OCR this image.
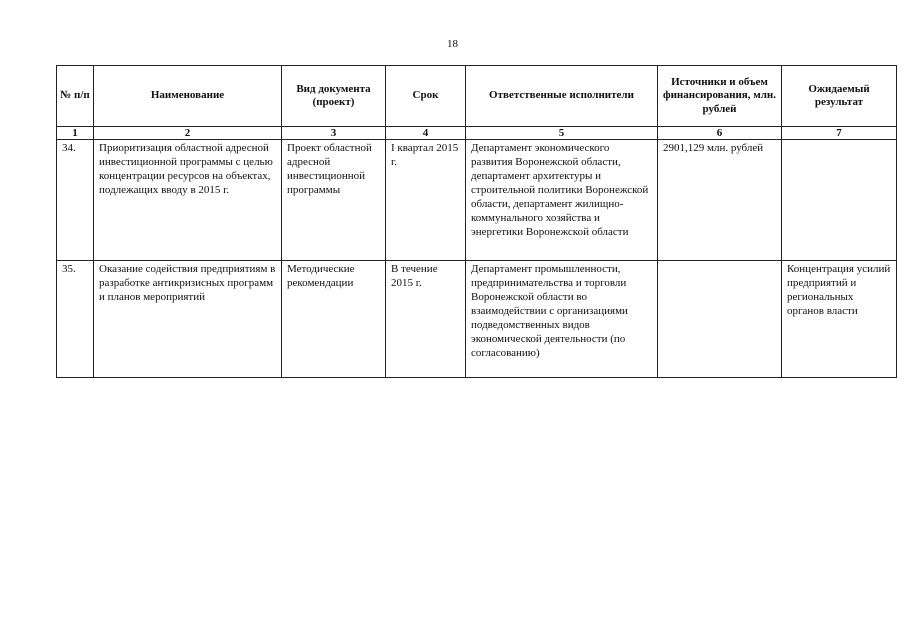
18
№ п/п	Наименование	Вид документа (проект)	Срок	Ответственные исполнители	Источники и объем финансирования, млн. рублей	Ожидаемый результат
1	2	3	4	5	6	7
34.	Приоритизация областной адресной инвестиционной программы с целью концентрации ресурсов на объектах, подлежащих вводу в 2015 г.	Проект областной адресной инвестиционной программы	I квартал 2015 г.	Департамент экономического развития Воронежской области, департамент архитектуры и строительной политики Воронежской области, департамент жилищно-коммунального хозяйства и энергетики Воронежской области	2901,129 млн. рублей	
35.	Оказание содействия предприятиям в разработке антикризисных программ и планов мероприятий	Методические рекомендации	В течение 2015 г.	Департамент промышленности, предпринимательства и торговли Воронежской области во взаимодействии с организациями подведомственных видов экономической деятельности (по согласованию)		Концентрация усилий предприятий и региональных органов власти
